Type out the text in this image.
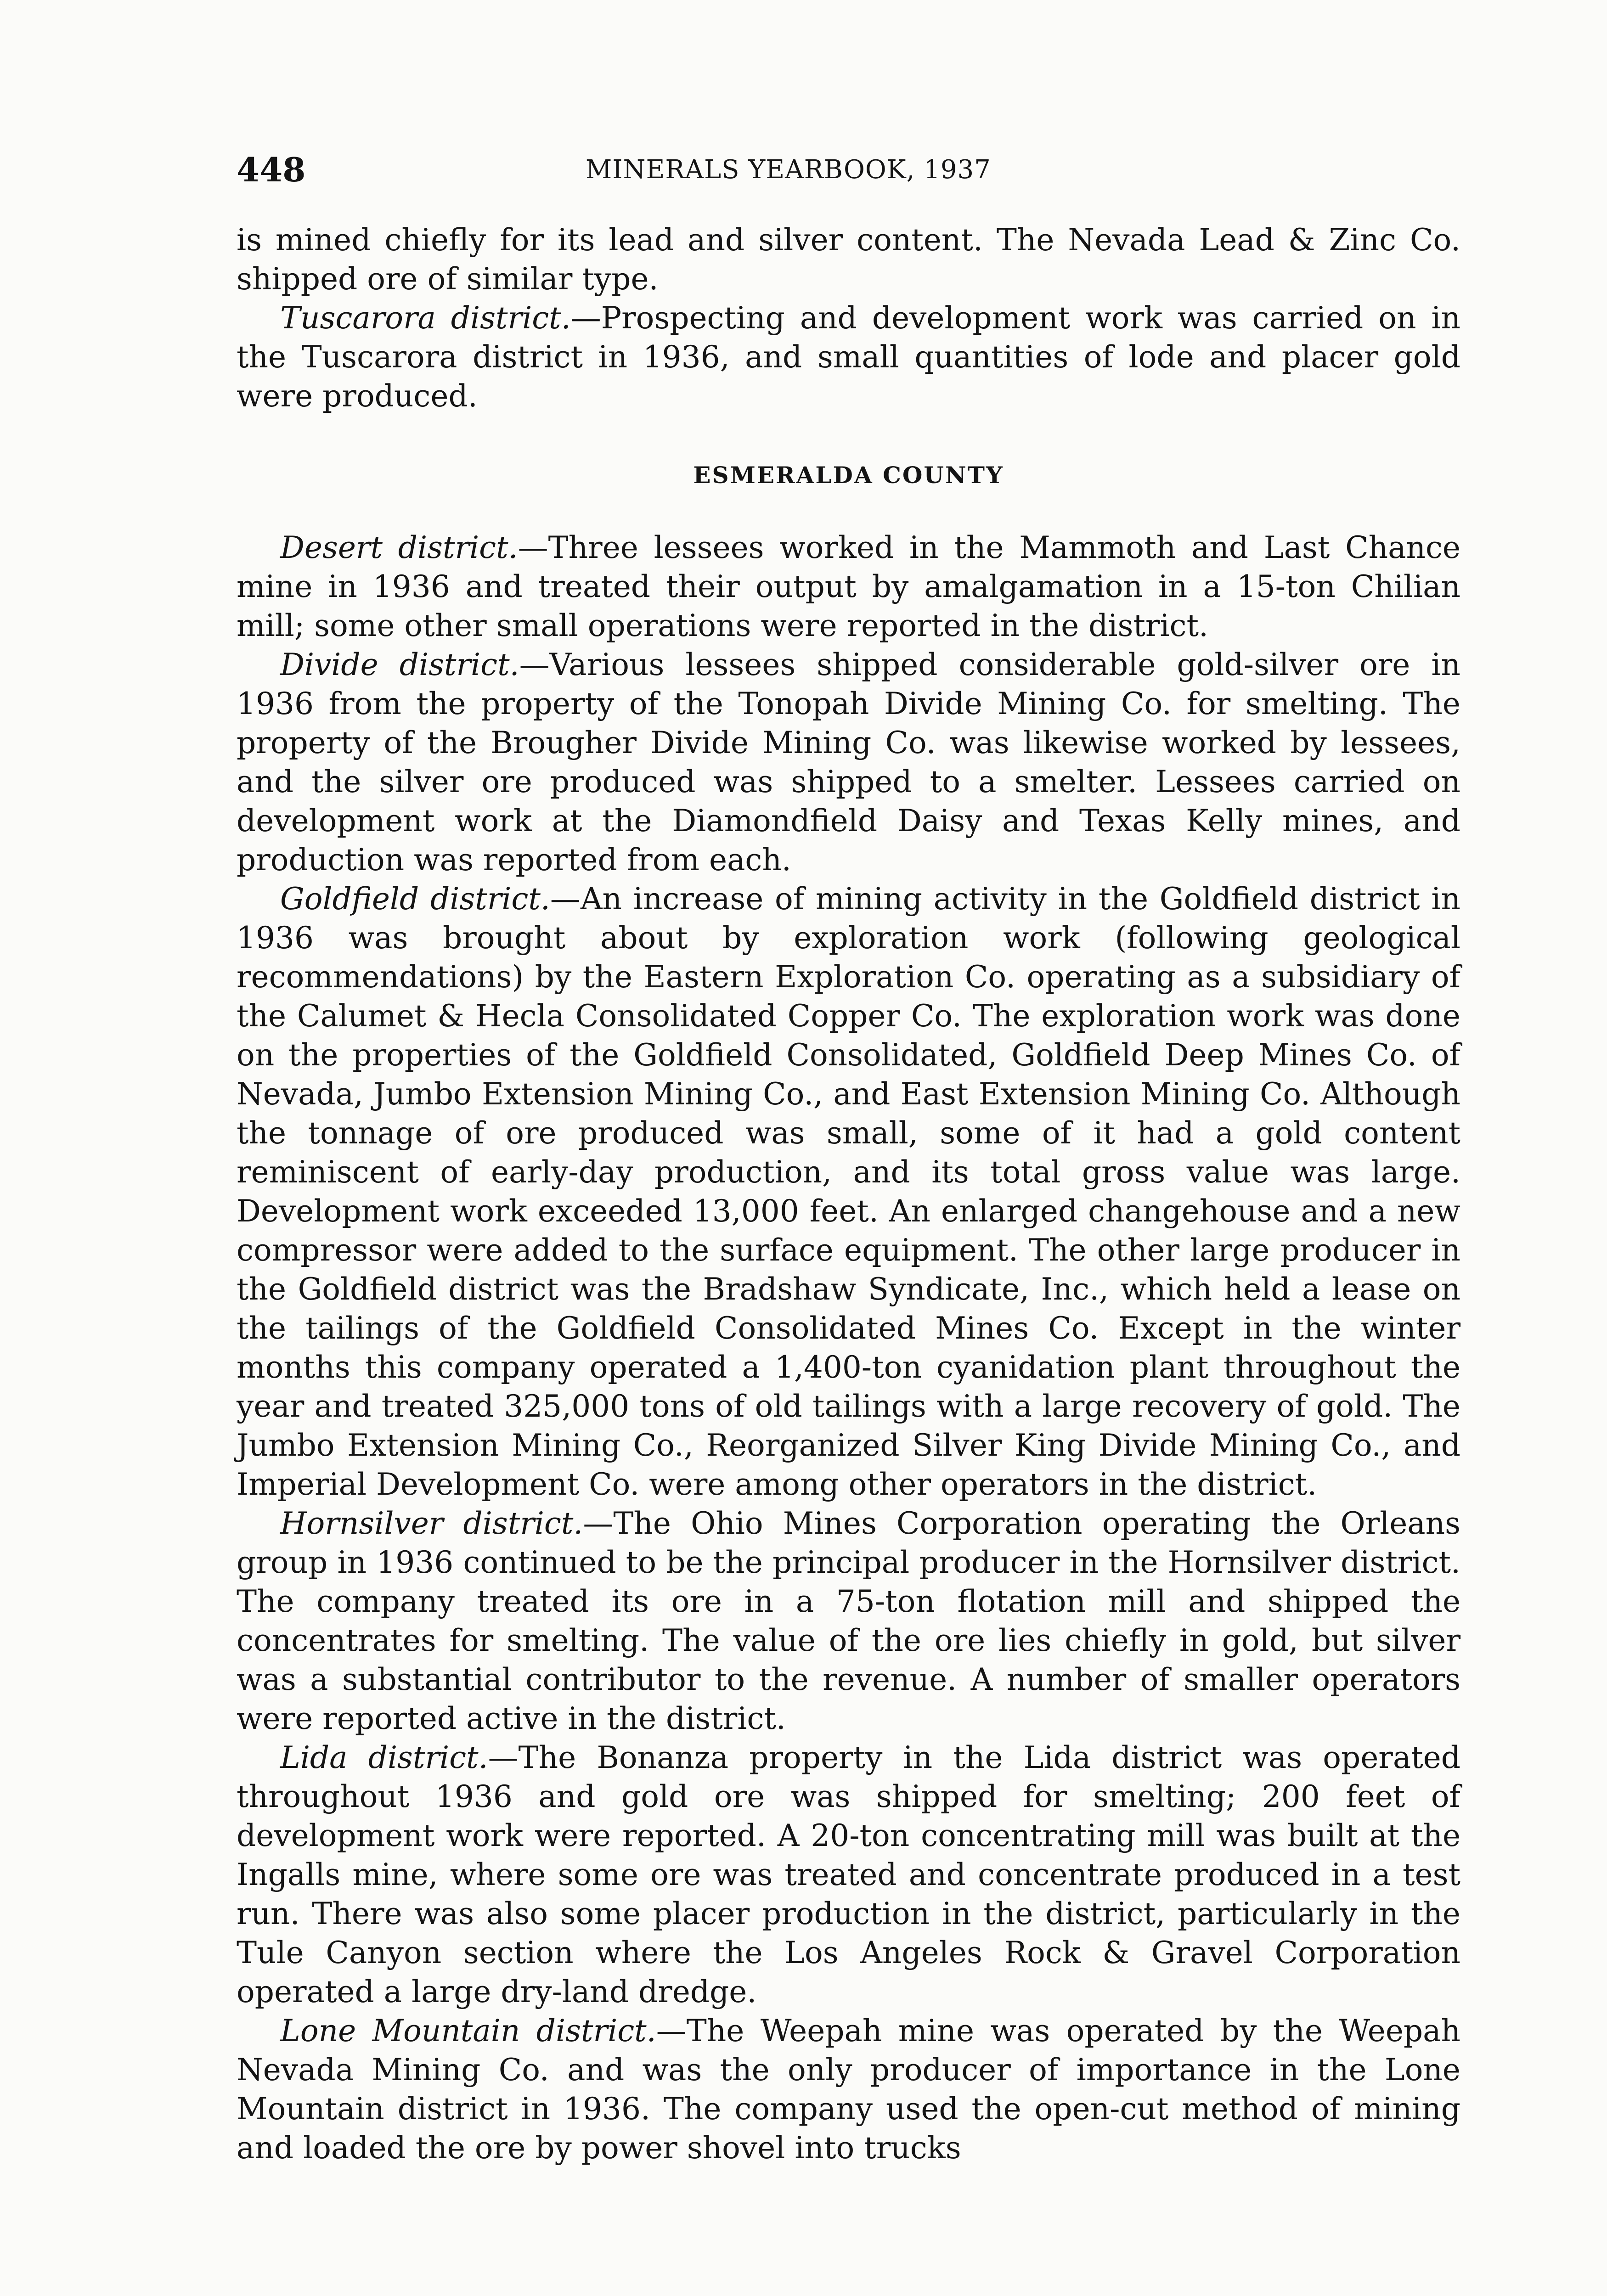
448	MINERALS YEARBOOK, 1937

is mined chiefly for its lead and silver content. The Nevada Lead & Zinc Co. shipped ore of similar type.

Tuscarora district.—Prospecting and development work was carried on in the Tuscarora district in 1936, and small quantities of lode and placer gold were produced.

ESMERALDA COUNTY

Desert district.—Three lessees worked in the Mammoth and Last Chance mine in 1936 and treated their output by amalgamation in a 15-ton Chilian mill; some other small operations were reported in the district.

Divide district.—Various lessees shipped considerable gold-silver ore in 1936 from the property of the Tonopah Divide Mining Co. for smelting. The property of the Brougher Divide Mining Co. was likewise worked by lessees, and the silver ore produced was shipped to a smelter. Lessees carried on development work at the Diamondfield Daisy and Texas Kelly mines, and production was reported from each.

Goldfield district.—An increase of mining activity in the Goldfield district in 1936 was brought about by exploration work (following geological recommendations) by the Eastern Exploration Co. operating as a subsidiary of the Calumet & Hecla Consolidated Copper Co. The exploration work was done on the properties of the Goldfield Consolidated, Goldfield Deep Mines Co. of Nevada, Jumbo Extension Mining Co., and East Extension Mining Co. Although the tonnage of ore produced was small, some of it had a gold content reminiscent of early-day production, and its total gross value was large. Development work exceeded 13,000 feet. An enlarged changehouse and a new compressor were added to the surface equipment. The other large producer in the Goldfield district was the Bradshaw Syndicate, Inc., which held a lease on the tailings of the Goldfield Consolidated Mines Co. Except in the winter months this company operated a 1,400-ton cyanidation plant throughout the year and treated 325,000 tons of old tailings with a large recovery of gold. The Jumbo Extension Mining Co., Reorganized Silver King Divide Mining Co., and Imperial Development Co. were among other operators in the district.

Hornsilver district.—The Ohio Mines Corporation operating the Orleans group in 1936 continued to be the principal producer in the Hornsilver district. The company treated its ore in a 75-ton flotation mill and shipped the concentrates for smelting. The value of the ore lies chiefly in gold, but silver was a substantial contributor to the revenue. A number of smaller operators were reported active in the district.

Lida district.—The Bonanza property in the Lida district was operated throughout 1936 and gold ore was shipped for smelting; 200 feet of development work were reported. A 20-ton concentrating mill was built at the Ingalls mine, where some ore was treated and concentrate produced in a test run. There was also some placer production in the district, particularly in the Tule Canyon section where the Los Angeles Rock & Gravel Corporation operated a large dry-land dredge.

Lone Mountain district.—The Weepah mine was operated by the Weepah Nevada Mining Co. and was the only producer of importance in the Lone Mountain district in 1936. The company used the open-cut method of mining and loaded the ore by power shovel into trucks
